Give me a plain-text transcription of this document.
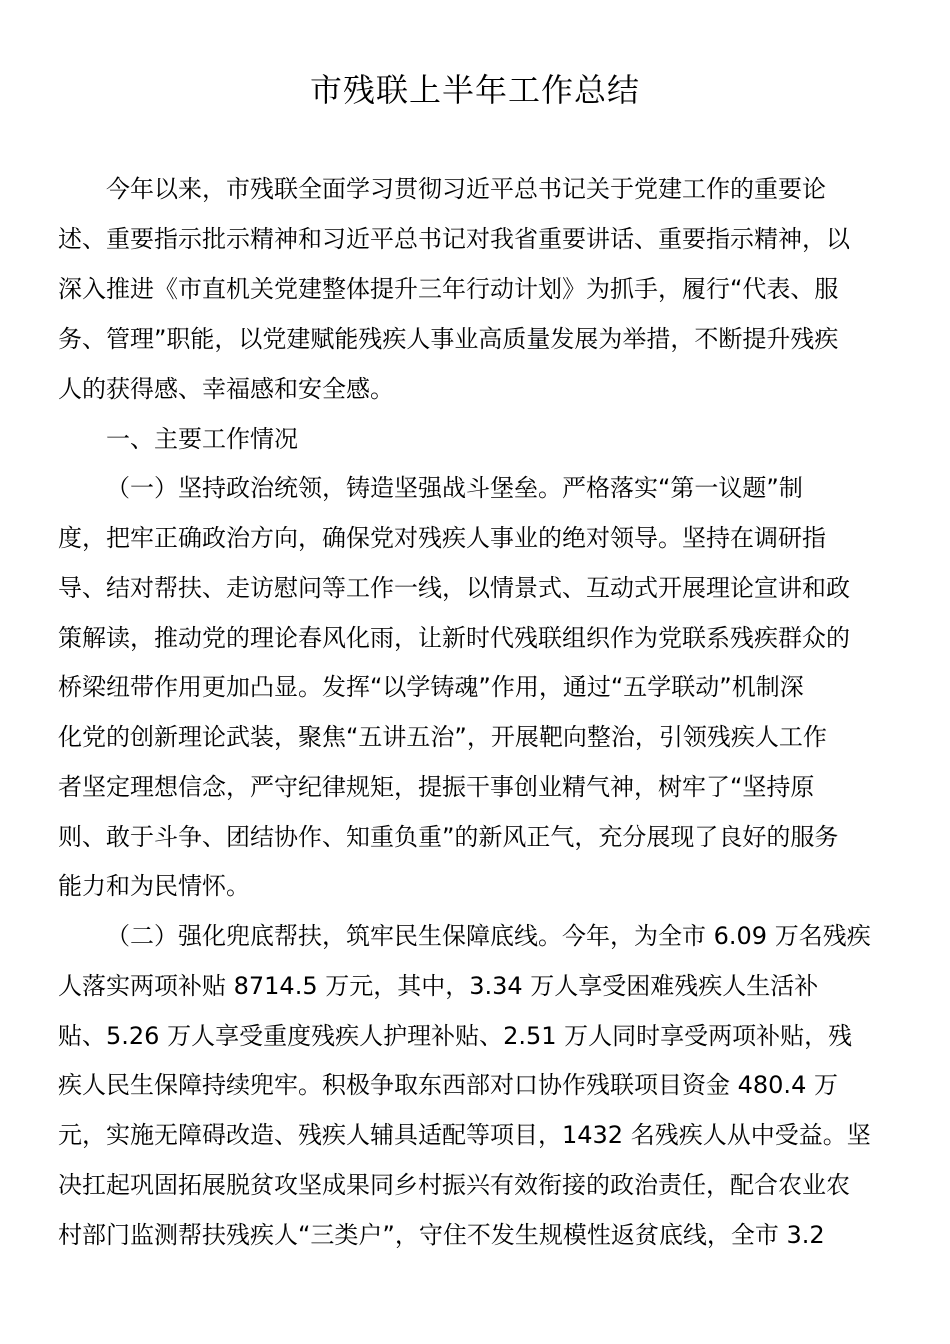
市残联上半年工作总结
今年以来，市残联全面学习贯彻习近平总书记关于党建工作的重要论
述、重要指示批示精神和习近平总书记对我省重要讲话、重要指示精神，以
深入推进《市直机关党建整体提升三年行动计划》为抓手，履行“代表、服
务、管理”职能，以党建赋能残疾人事业高质量发展为举措，不断提升残疾
人的获得感、幸福感和安全感。
一、主要工作情况
（一）坚持政治统领，铸造坚强战斗堡垒。严格落实“第一议题”制
度，把牢正确政治方向，确保党对残疾人事业的绝对领导。坚持在调研指
导、结对帮扶、走访慰问等工作一线，以情景式、互动式开展理论宣讲和政
策解读，推动党的理论春风化雨，让新时代残联组织作为党联系残疾群众的
桥梁纽带作用更加凸显。发挥“以学铸魂”作用，通过“五学联动”机制深
化党的创新理论武装，聚焦“五讲五治”，开展靶向整治，引领残疾人工作
者坚定理想信念，严守纪律规矩，提振干事创业精气神，树牢了“坚持原
则、敢于斗争、团结协作、知重负重”的新风正气，充分展现了良好的服务
能力和为民情怀。
（二）强化兜底帮扶，筑牢民生保障底线。今年，为全市 6.09 万名残疾
人落实两项补贴 8714.5 万元，其中，3.34 万人享受困难残疾人生活补
贴、5.26 万人享受重度残疾人护理补贴、2.51 万人同时享受两项补贴，残
疾人民生保障持续兜牢。积极争取东西部对口协作残联项目资金 480.4 万
元，实施无障碍改造、残疾人辅具适配等项目，1432 名残疾人从中受益。坚
决扛起巩固拓展脱贫攻坚成果同乡村振兴有效衔接的政治责任，配合农业农
村部门监测帮扶残疾人“三类户”，守住不发生规模性返贫底线，全市 3.2
